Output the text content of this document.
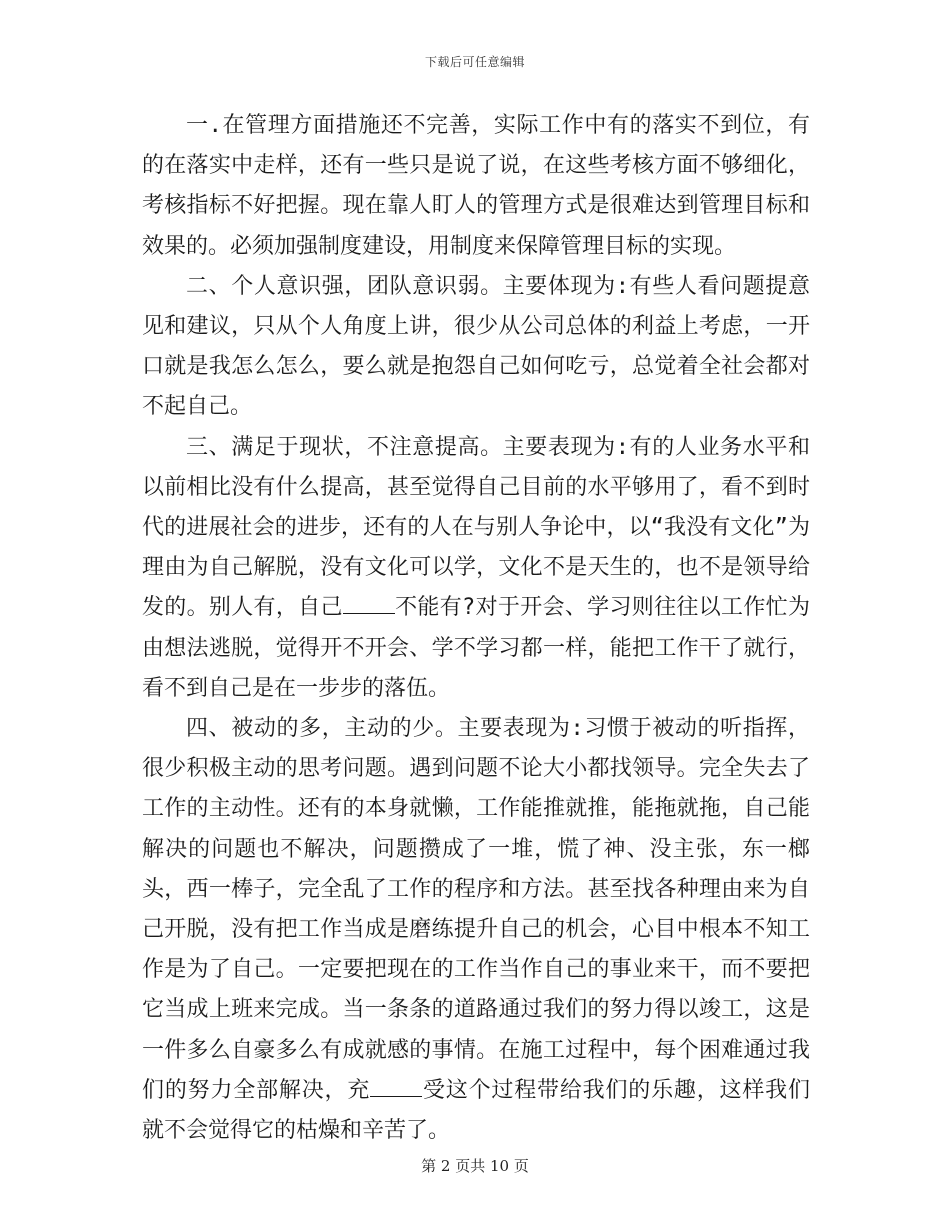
下载后可任意编辑

一.在管理方面措施还不完善，实际工作中有的落实不到位，有的在落实中走样，还有一些只是说了说，在这些考核方面不够细化，考核指标不好把握。现在靠人盯人的管理方式是很难达到管理目标和效果的。必须加强制度建设，用制度来保障管理目标的实现。

二、个人意识强，团队意识弱。主要体现为:有些人看问题提意见和建议，只从个人角度上讲，很少从公司总体的利益上考虑，一开口就是我怎么怎么，要么就是抱怨自己如何吃亏，总觉着全社会都对不起自己。

三、满足于现状，不注意提高。主要表现为:有的人业务水平和以前相比没有什么提高，甚至觉得自己目前的水平够用了，看不到时代的进展社会的进步，还有的人在与别人争论中，以“我没有文化”为理由为自己解脱，没有文化可以学，文化不是天生的，也不是领导给发的。别人有，自己 不能有?对于开会、学习则往往以工作忙为由想法逃脱，觉得开不开会、学不学习都一样，能把工作干了就行，看不到自己是在一步步的落伍。

四、被动的多，主动的少。主要表现为:习惯于被动的听指挥，很少积极主动的思考问题。遇到问题不论大小都找领导。完全失去了工作的主动性。还有的本身就懒，工作能推就推，能拖就拖，自己能解决的问题也不解决，问题攒成了一堆，慌了神、没主张，东一榔头，西一棒子，完全乱了工作的程序和方法。甚至找各种理由来为自己开脱，没有把工作当成是磨练提升自己的机会，心目中根本不知工作是为了自己。一定要把现在的工作当作自己的事业来干，而不要把它当成上班来完成。当一条条的道路通过我们的努力得以竣工，这是一件多么自豪多么有成就感的事情。在施工过程中，每个困难通过我们的努力全部解决，充 受这个过程带给我们的乐趣，这样我们就不会觉得它的枯燥和辛苦了。

第 2 页共 10 页
